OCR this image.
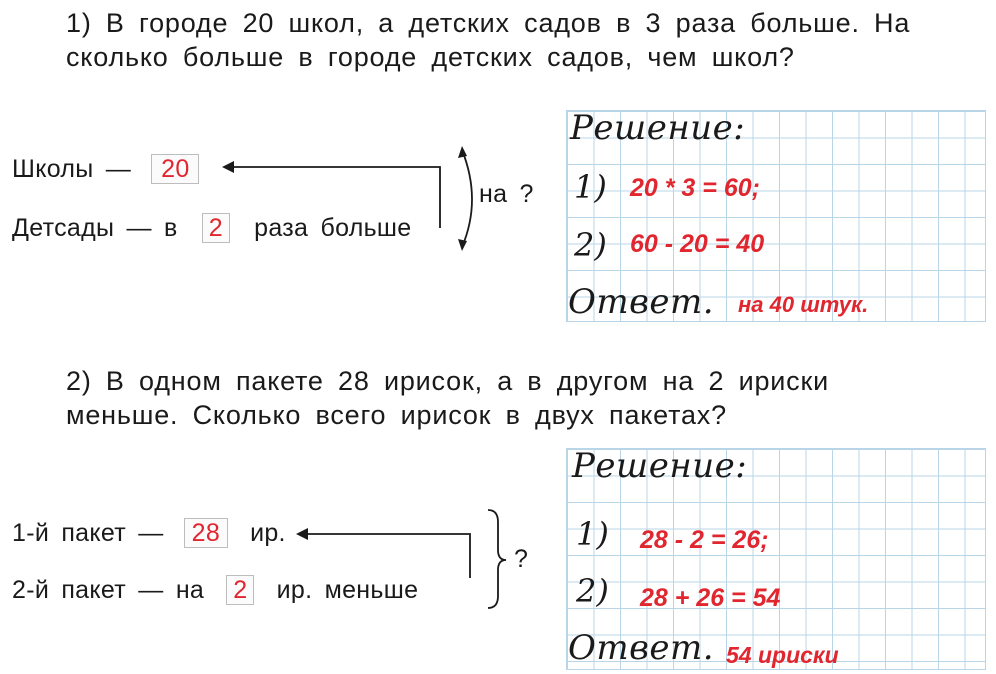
1) В городе 20 школ, а детских садов в 3 раза больше. На
сколько больше в городе детских садов, чем школ?
Школы — 20
Детсады — в 2 раза больше
на ?
Решение:
1) 20 * 3 = 60;
2) 60 - 20 = 40
Ответ. на 40 штук.
2) В одном пакете 28 ирисок, а в другом на 2 ириски
меньше. Сколько всего ирисок в двух пакетах?
1-й пакет — 28 ир.
2-й пакет — на 2 ир. меньше
?
Решение:
1) 28 - 2 = 26;
2) 28 + 26 = 54
Ответ. 54 ириски
